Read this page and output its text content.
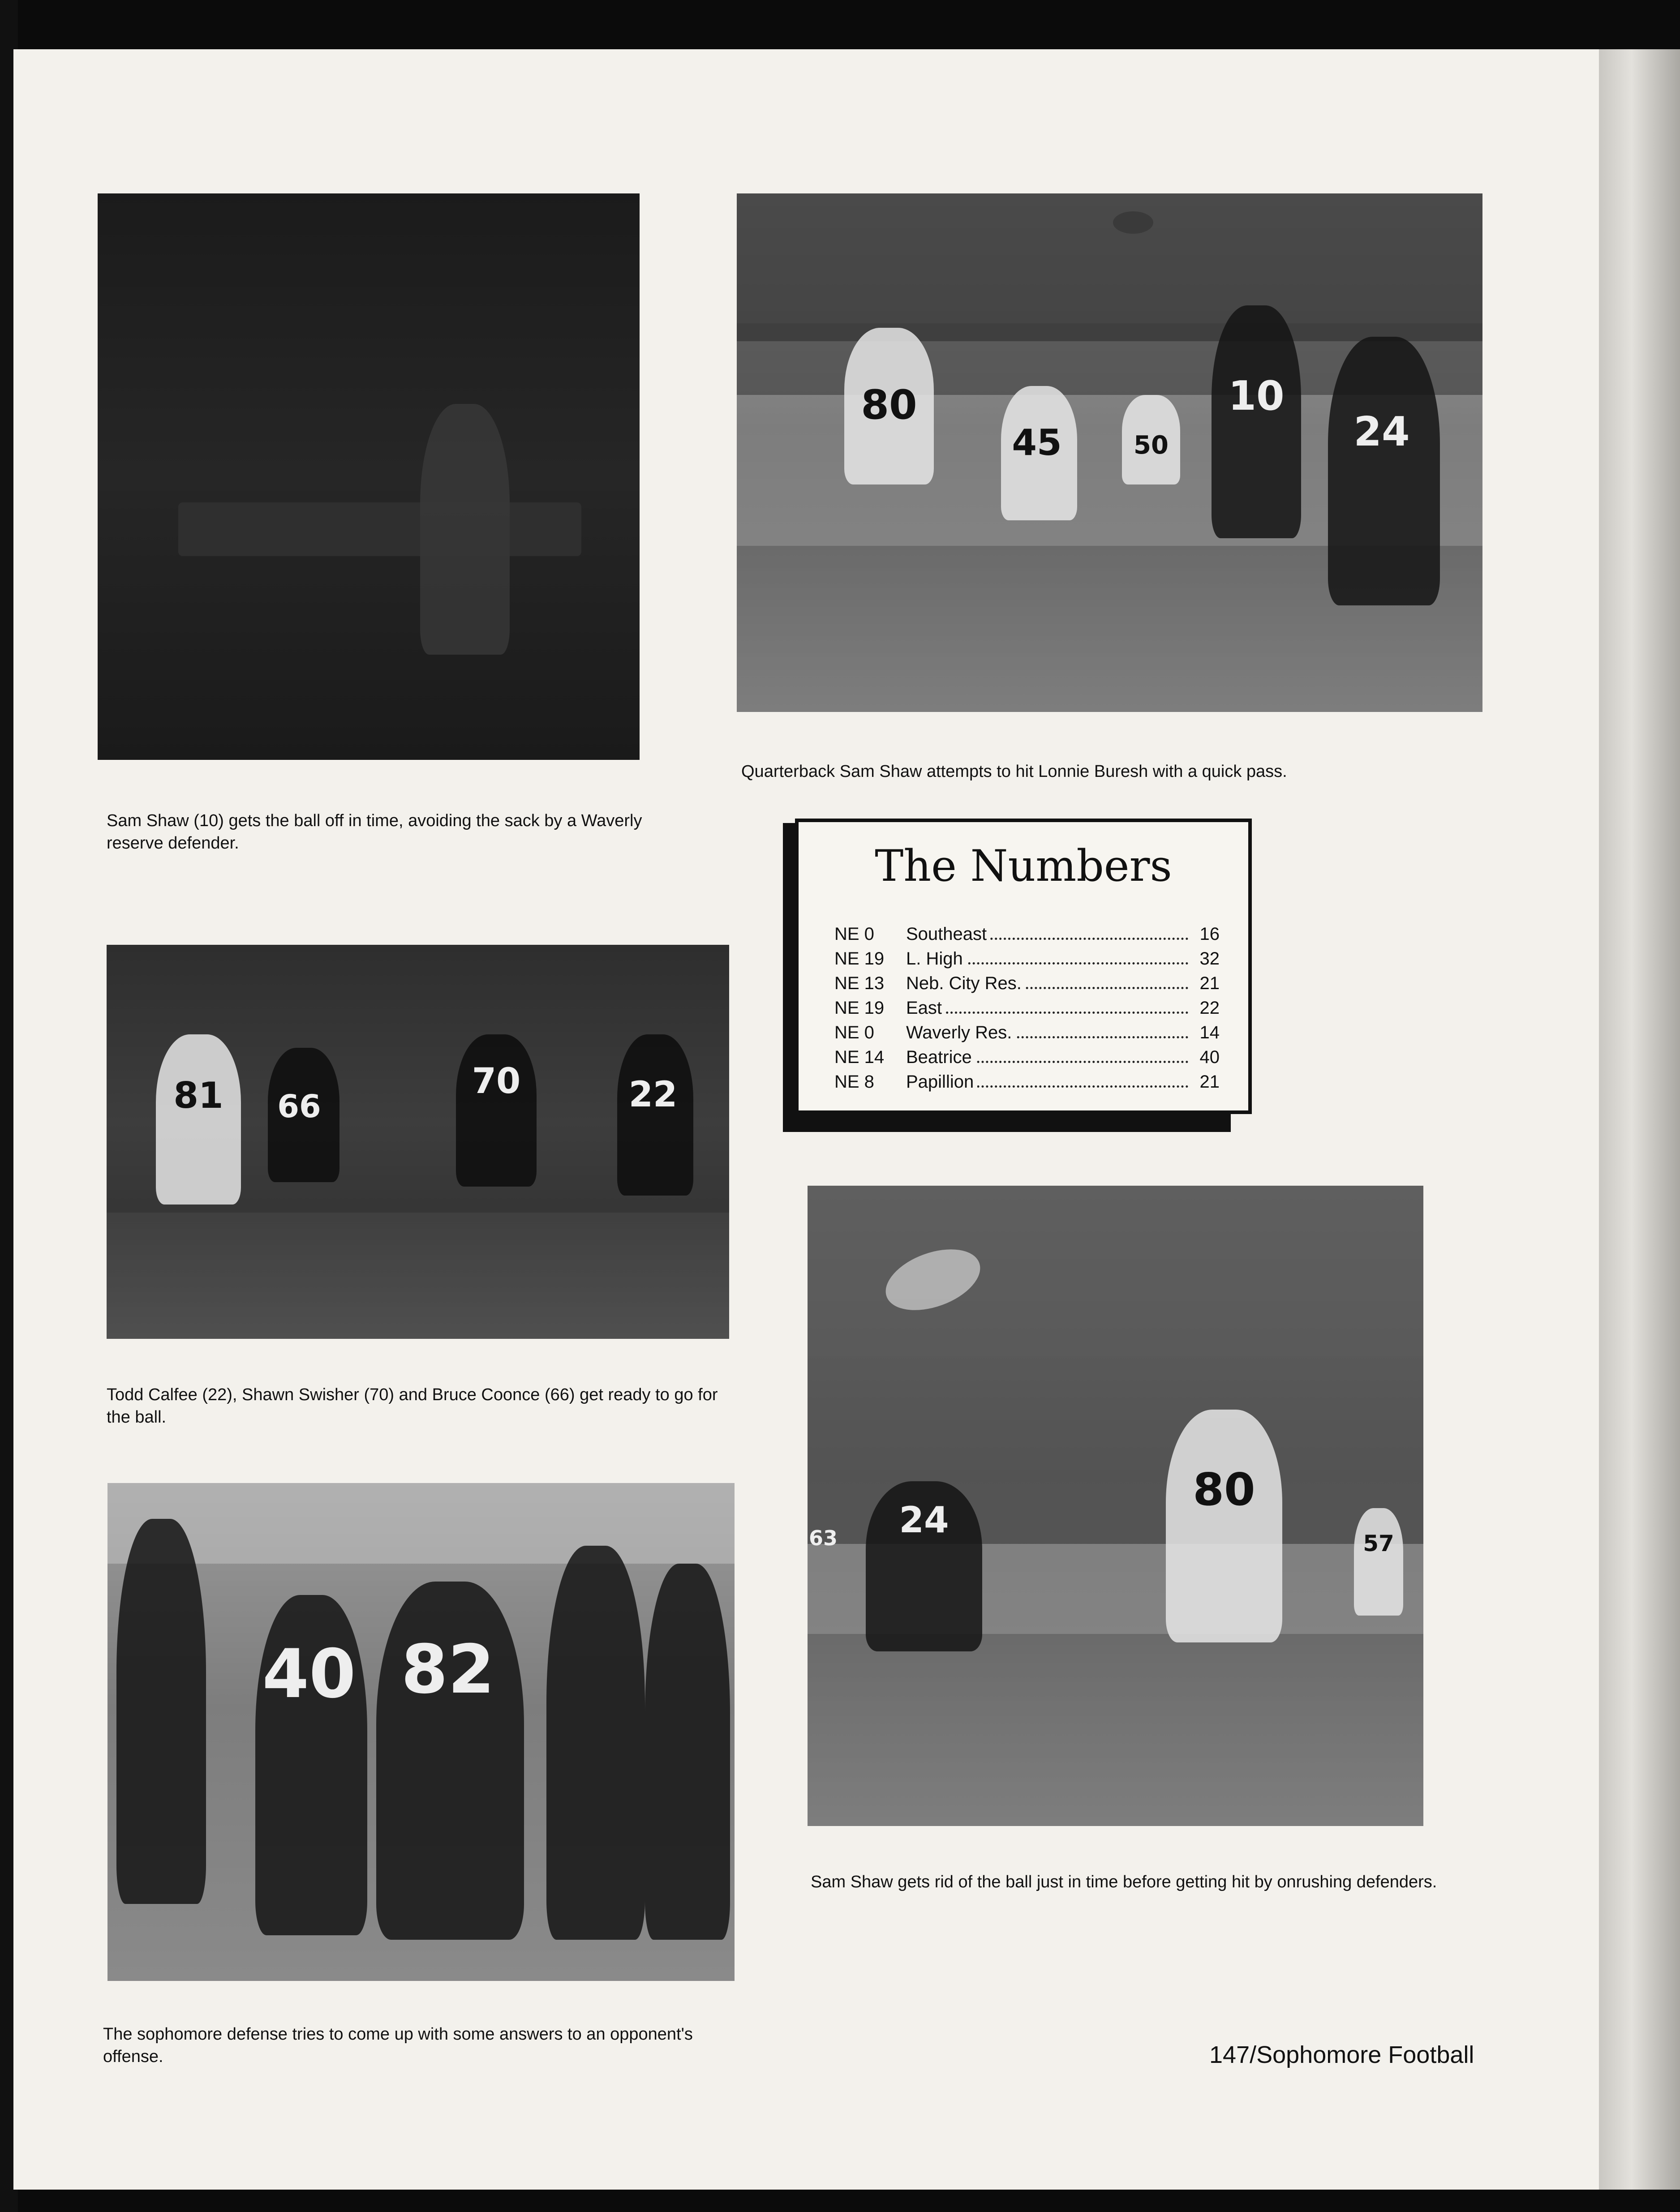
Sam Shaw (10) gets the ball off in time, avoiding the sack by a Waverly reserve defender.
80
45	50
10
24
Quarterback Sam Shaw attempts to hit Lonnie Buresh with a quick pass.
The Numbers
NE 0	Southeast	16
NE 19	L. High	32
NE 13	Neb. City Res.	21
NE 19	East	22
NE 0	Waverly Res.	14
NE 14	Beatrice	40
NE 8	Papillion	21
81	66
70	22
Todd Calfee (22), Shawn Swisher (70) and Bruce Coonce (66) get ready to go for the ball.
80
24
63	57
Sam Shaw gets rid of the ball just in time before getting hit by onrushing defenders.
40 82
The sophomore defense tries to come up with some answers to an opponent's offense.	147/Sophomore Football
